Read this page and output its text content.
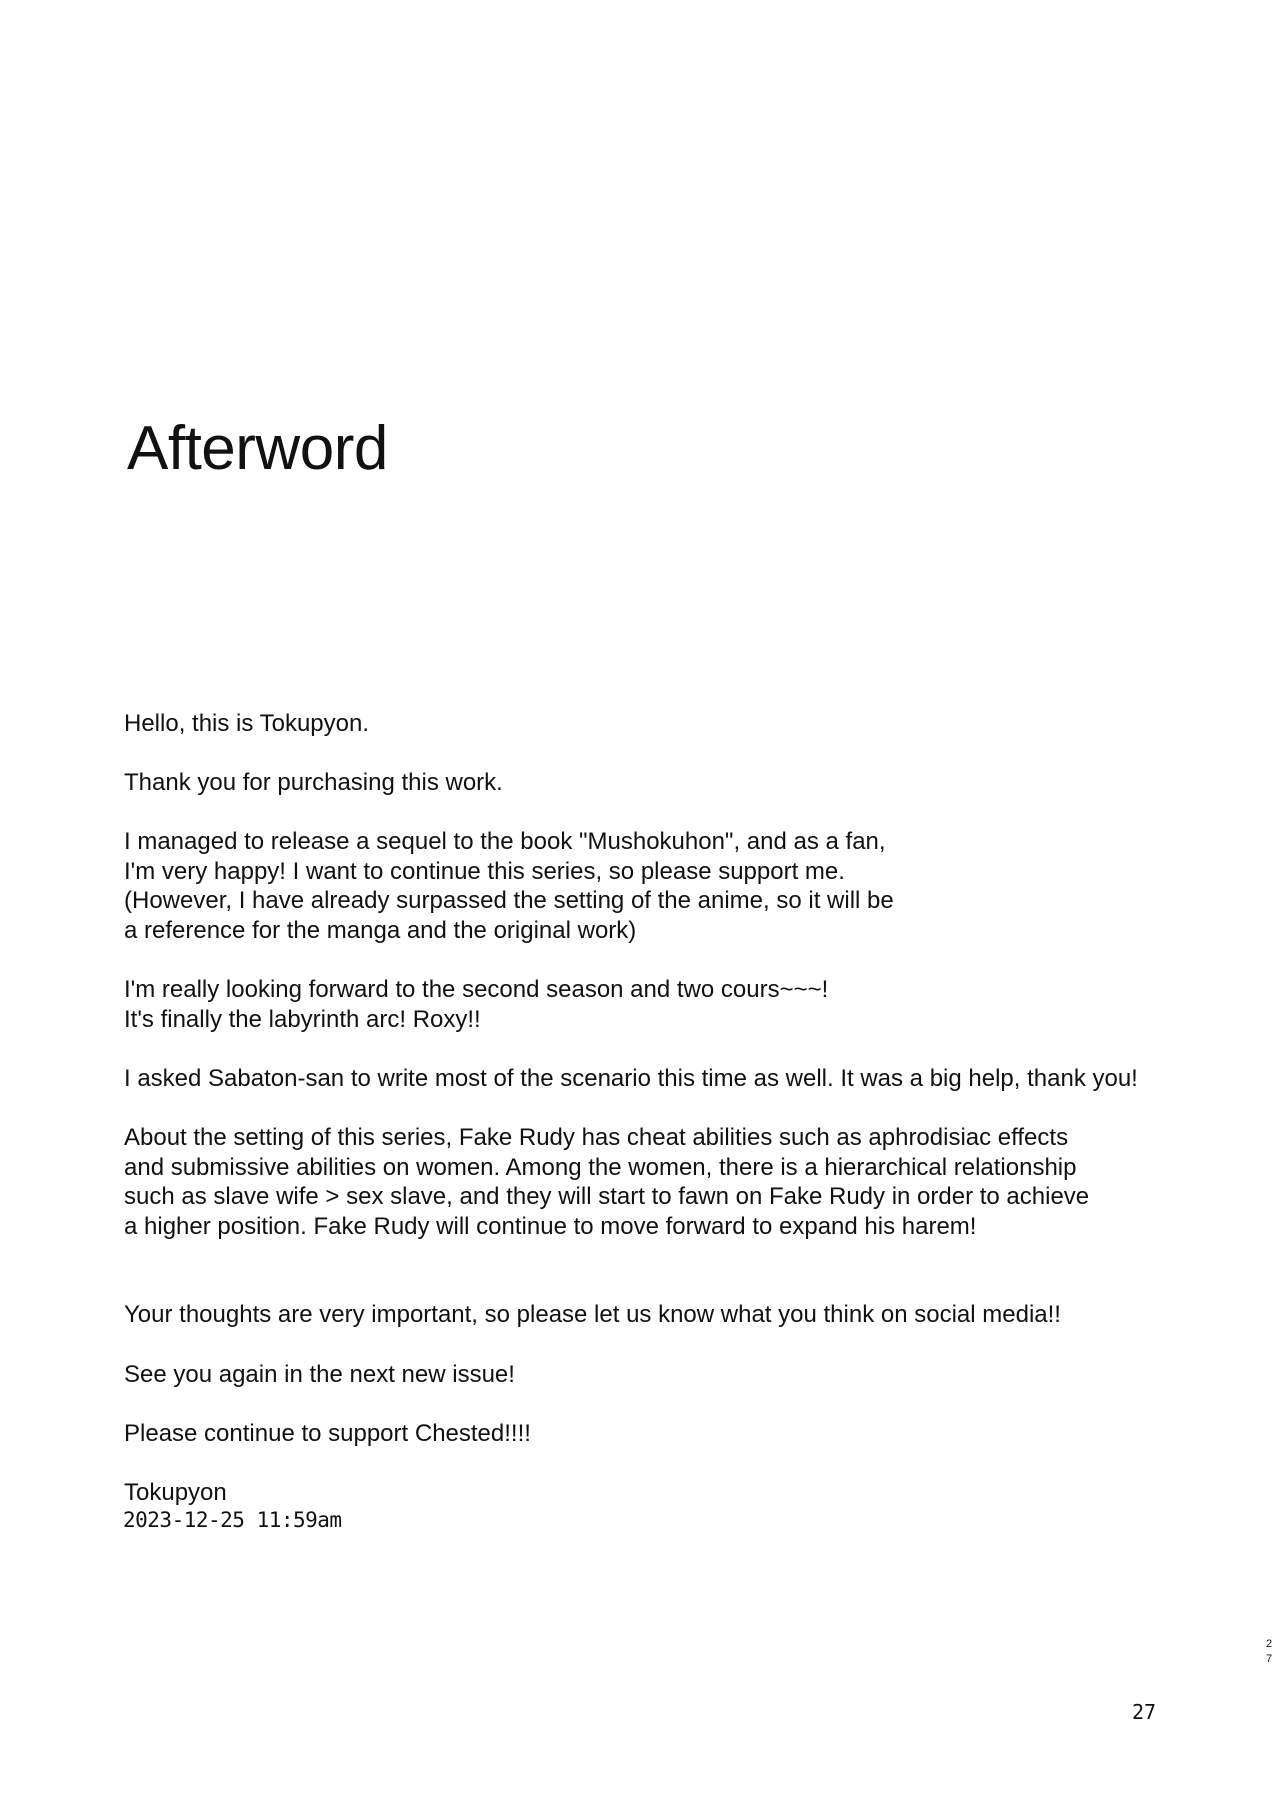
Afterword
Hello, this is Tokupyon.
Thank you for purchasing this work.
I managed to release a sequel to the book "Mushokuhon", and as a fan,
I'm very happy! I want to continue this series, so please support me.
(However, I have already surpassed the setting of the anime, so it will be
a reference for the manga and the original work)
I'm really looking forward to the second season and two cours~~~!
It's finally the labyrinth arc! Roxy!!
I asked Sabaton-san to write most of the scenario this time as well. It was a big help, thank you!
About the setting of this series, Fake Rudy has cheat abilities such as aphrodisiac effects
and submissive abilities on women. Among the women, there is a hierarchical relationship
such as slave wife > sex slave, and they will start to fawn on Fake Rudy in order to achieve
a higher position. Fake Rudy will continue to move forward to expand his harem!
Your thoughts are very important, so please let us know what you think on social media!!
See you again in the next new issue!
Please continue to support Chested!!!!
Tokupyon
2023-12-25 11:59am
27
27
